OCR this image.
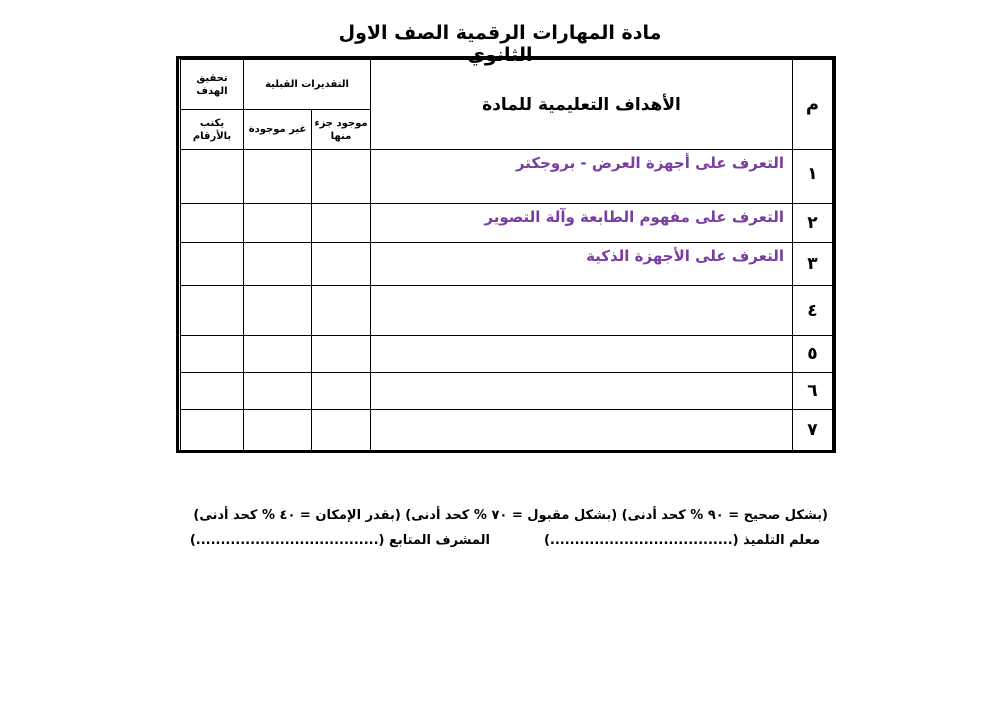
مادة المهارات الرقمية الصف الاول الثانوي
م	الأهداف التعليمية للمادة	التقديرات القبلية		تحقيق الهدف
		موجود جزء منها	غير موجودة	يكتب بالأرقام
١	التعرف على أجهزة العرض - بروجكتر			
٢	التعرف على مفهوم الطابعة وآلة التصوير			
٣	التعرف على الأجهزة الذكية			
٤				
٥				
٦				
٧				
(بشكل صحيح = ٩٠ % كحد أدنى) (بشكل مقبول = ٧٠ % كحد أدنى) (بقدر الإمكان = ٤٠ % كحد أدنى)
معلم التلميذ (.....................................)
المشرف المتابع (.....................................)
